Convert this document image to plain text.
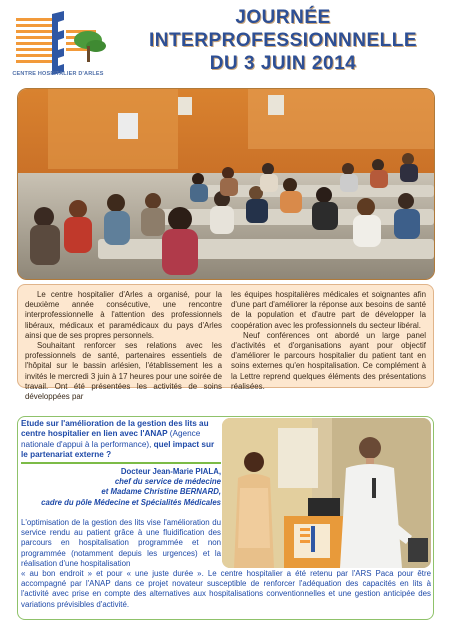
CENTRE HOSPITALIER D'ARLES
JOURNÉE
INTERPROFESSIONNNELLE
DU 3 JUIN 2014

Le centre hospitalier d'Arles a organisé, pour la deuxième année consécutive, une rencontre interprofessionnelle à l'attention des professionnels libéraux, médicaux et paramédicaux du pays d'Arles ainsi que de ses propres personnels.

Souhaitant renforcer ses relations avec les professionnels de santé, partenaires essentiels de l'hôpital sur le bassin arlésien, l'établissement les a invités le mercredi 3 juin à 17 heures pour une soirée de travail. Ont été présentées les activités de soins développées par

les équipes hospitalières médicales et soignantes afin d'une part d'améliorer la réponse aux besoins de santé de la population et d'autre part de développer la coopération avec les professionnels du secteur libéral.

Neuf conférences ont abordé un large panel d'activités et d'organisations ayant pour objectif d'améliorer le parcours hospitalier du patient tant en soins externes qu'en hospitalisation. Ce complément à la Lettre reprend quelques éléments des présentations réalisées.

Etude sur l'amélioration de la gestion des lits au centre hospitalier en lien avec l'ANAP (Agence nationale d'appui à la performance), quel impact sur le partenariat externe ?
Docteur Jean-Marie PIALA,
chef du service de médecine
et Madame Christine BERNARD,
cadre du pôle Médecine et Spécialités Médicales

L'optimisation de la gestion des lits vise l'amélioration du service rendu au patient grâce à une fluidification des parcours en hospitalisation programmée et non programmée (notamment depuis les urgences) et la réalisation d'une hospitalisation

« au bon endroit » et pour « une juste durée ». Le centre hospitalier a été retenu par l'ARS Paca pour être accompagné par l'ANAP dans ce projet novateur susceptible de renforcer l'adéquation des capacités en lits à l'activité avec prise en compte des alternatives aux hospitalisations conventionnelles et une gestion anticipée des variations prévisibles d'activité.
